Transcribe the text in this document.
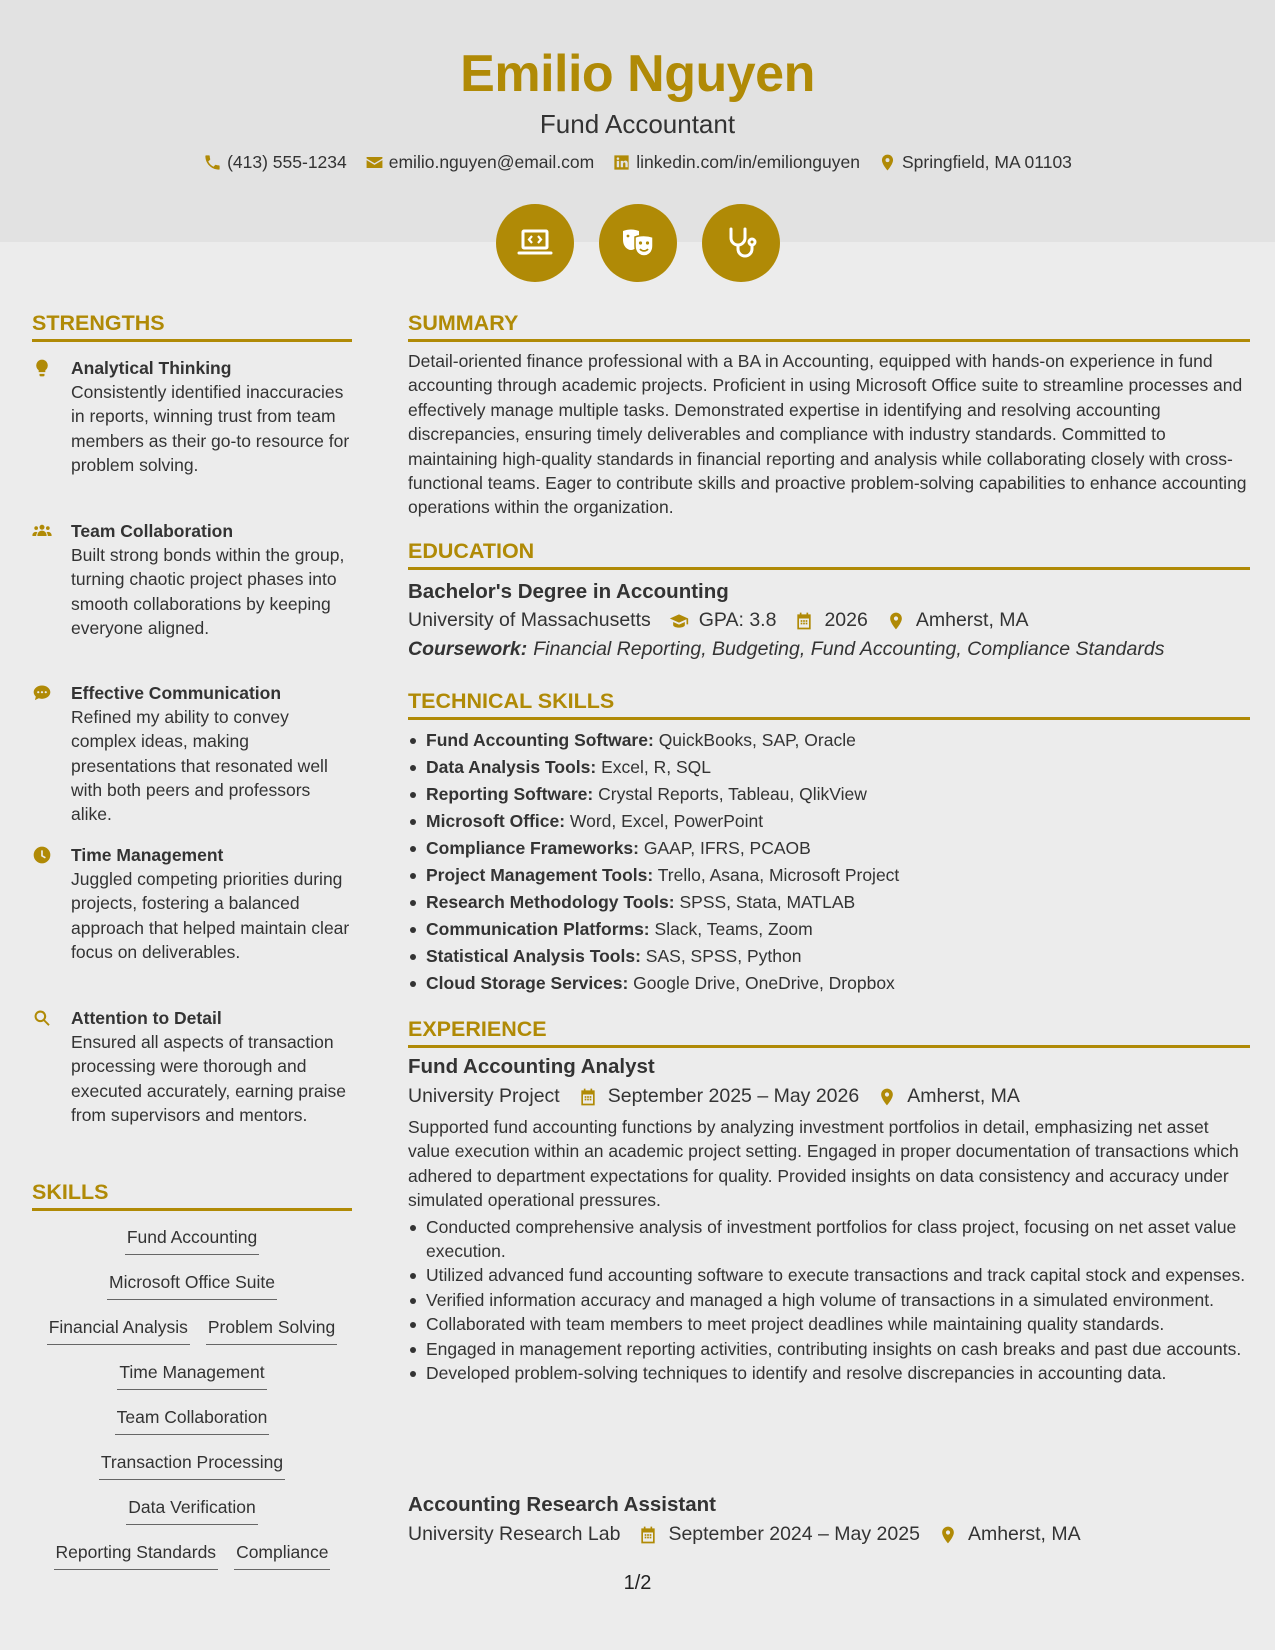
Emilio Nguyen
Fund Accountant
(413) 555-1234 emilio.nguyen@email.com linkedin.com/in/emilionguyen Springfield, MA 01103
STRENGTHS
Analytical Thinking
Consistently identified inaccuracies in reports, winning trust from team members as their go-to resource for problem solving.
Team Collaboration
Built strong bonds within the group, turning chaotic project phases into smooth collaborations by keeping everyone aligned.
Effective Communication
Refined my ability to convey complex ideas, making presentations that resonated well with both peers and professors alike.
Time Management
Juggled competing priorities during projects, fostering a balanced approach that helped maintain clear focus on deliverables.
Attention to Detail
Ensured all aspects of transaction processing were thorough and executed accurately, earning praise from supervisors and mentors.
SKILLS
Fund Accounting
Microsoft Office Suite
Financial Analysis Problem Solving
Time Management
Team Collaboration
Transaction Processing
Data Verification
Reporting Standards Compliance
SUMMARY
Detail-oriented finance professional with a BA in Accounting, equipped with hands-on experience in fund accounting through academic projects. Proficient in using Microsoft Office suite to streamline processes and effectively manage multiple tasks. Demonstrated expertise in identifying and resolving accounting discrepancies, ensuring timely deliverables and compliance with industry standards. Committed to maintaining high-quality standards in financial reporting and analysis while collaborating closely with cross-functional teams. Eager to contribute skills and proactive problem-solving capabilities to enhance accounting operations within the organization.
EDUCATION
Bachelor's Degree in Accounting
University of Massachusetts GPA: 3.8 2026 Amherst, MA
Coursework: Financial Reporting, Budgeting, Fund Accounting, Compliance Standards
TECHNICAL SKILLS
Fund Accounting Software: QuickBooks, SAP, Oracle
Data Analysis Tools: Excel, R, SQL
Reporting Software: Crystal Reports, Tableau, QlikView
Microsoft Office: Word, Excel, PowerPoint
Compliance Frameworks: GAAP, IFRS, PCAOB
Project Management Tools: Trello, Asana, Microsoft Project
Research Methodology Tools: SPSS, Stata, MATLAB
Communication Platforms: Slack, Teams, Zoom
Statistical Analysis Tools: SAS, SPSS, Python
Cloud Storage Services: Google Drive, OneDrive, Dropbox
EXPERIENCE
Fund Accounting Analyst
University Project September 2025 – May 2026 Amherst, MA
Supported fund accounting functions by analyzing investment portfolios in detail, emphasizing net asset value execution within an academic project setting. Engaged in proper documentation of transactions which adhered to department expectations for quality. Provided insights on data consistency and accuracy under simulated operational pressures.
Conducted comprehensive analysis of investment portfolios for class project, focusing on net asset value execution.
Utilized advanced fund accounting software to execute transactions and track capital stock and expenses.
Verified information accuracy and managed a high volume of transactions in a simulated environment.
Collaborated with team members to meet project deadlines while maintaining quality standards.
Engaged in management reporting activities, contributing insights on cash breaks and past due accounts.
Developed problem-solving techniques to identify and resolve discrepancies in accounting data.
Accounting Research Assistant
University Research Lab September 2024 – May 2025 Amherst, MA
1/2
